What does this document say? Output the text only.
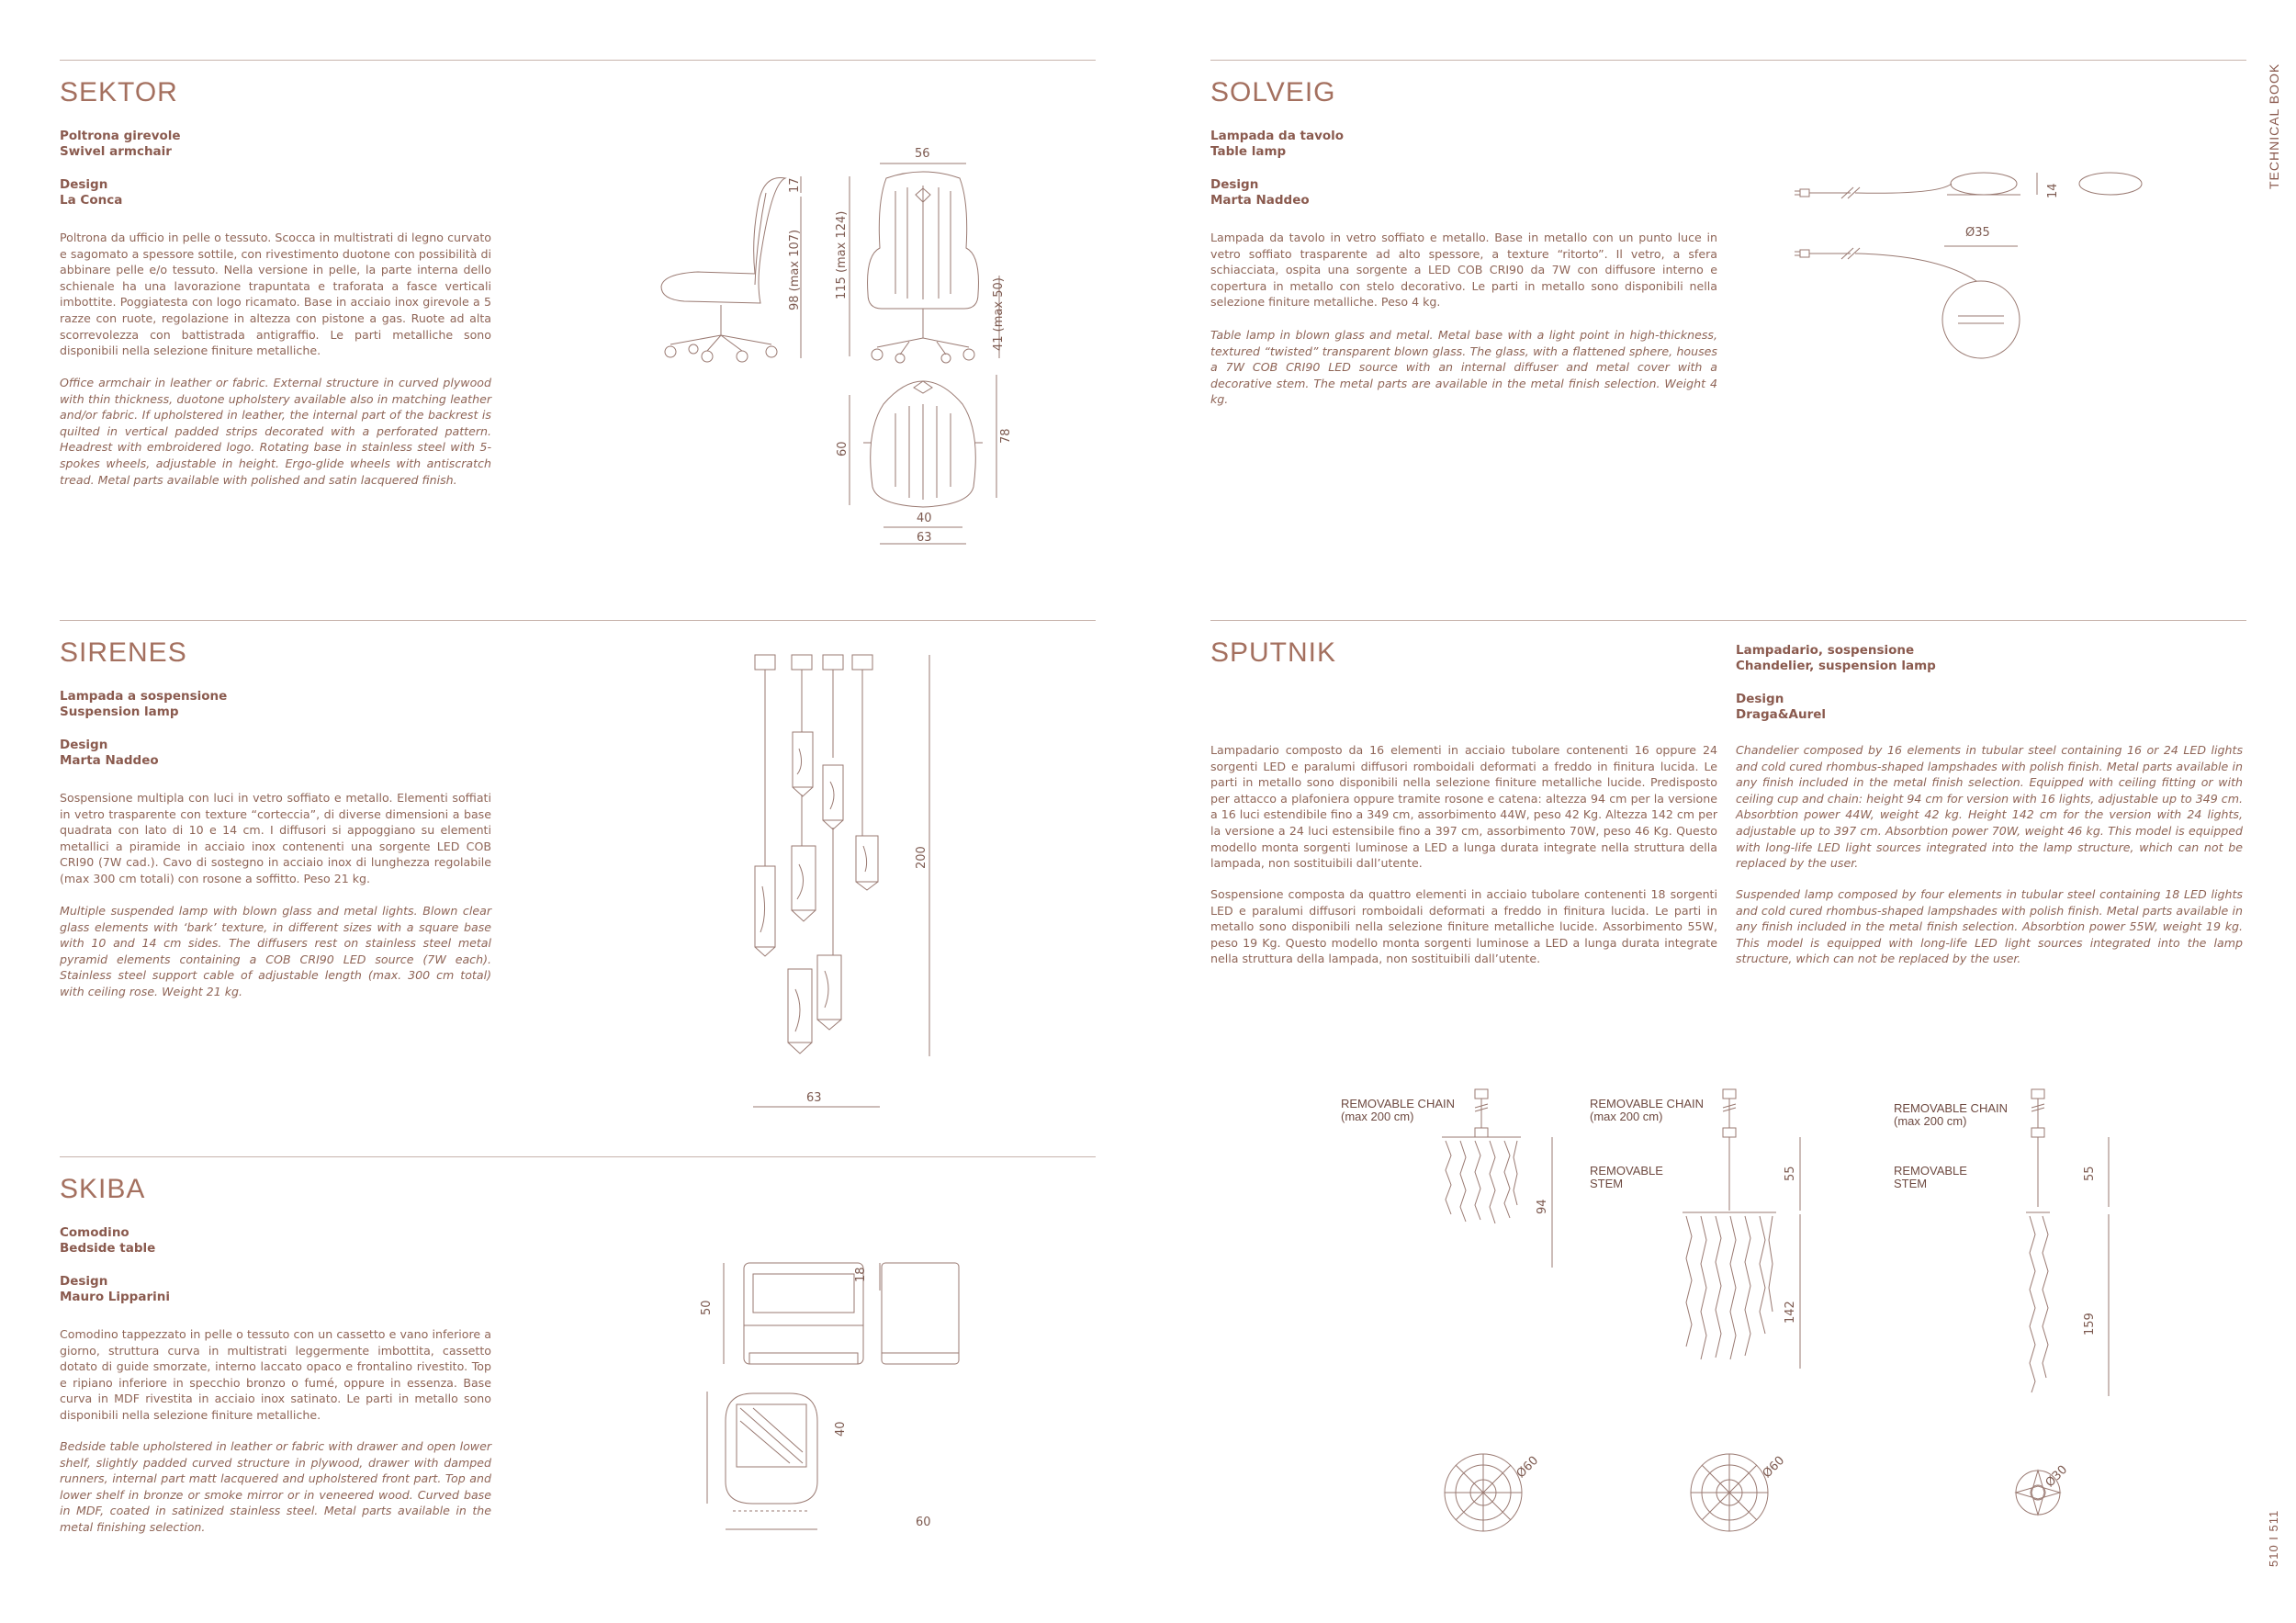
TECHNICAL BOOK
510 I 511
SEKTOR
Poltrona girevole
Swivel armchair
Design
La Conca
Poltrona da ufficio in pelle o tessuto. Scocca in multistrati di legno curvato e sagomato a spessore sottile, con rivestimento duotone con possibilità di abbinare pelle e/o tessuto. Nella versione in pelle, la parte interna dello schienale ha una lavorazione trapuntata e traforata a fasce verticali imbottite. Poggiatesta con logo ricamato. Base in acciaio inox girevole a 5 razze con ruote, regolazione in altezza con pistone a gas. Ruote ad alta scorrevolezza con battistrada antigraffio. Le parti metalliche sono disponibili nella selezione finiture metalliche.
Office armchair in leather or fabric. External structure in curved plywood with thin thickness, duotone upholstery available also in matching leather and/or fabric. If upholstered in leather, the internal part of the backrest is quilted in vertical padded strips decorated with a perforated pattern. Headrest with embroidered logo. Rotating base in stainless steel with 5-spokes wheels, adjustable in height. Ergo-glide wheels with antiscratch tread. Metal parts available with polished and satin lacquered finish.
56
17
98 (max 107)	115 (max 124)
41 (max 50)
60
78
40
63
SOLVEIG
Lampada da tavolo
Table lamp
Design
Marta Naddeo
Lampada da tavolo in vetro soffiato e metallo. Base in metallo con un punto luce in vetro soffiato trasparente ad alto spessore, a texture “ritorto”. Il vetro, a sfera schiacciata, ospita una sorgente a LED COB CRI90 da 7W con diffusore interno e copertura in metallo con stelo decorativo. Le parti in metallo sono disponibili nella selezione finiture metalliche. Peso 4 kg.
Table lamp in blown glass and metal. Metal base with a light point in high-thickness, textured “twisted” transparent blown glass. The glass, with a flattened sphere, houses a 7W COB CRI90 LED source with an internal diffuser and metal cover with a decorative stem. The metal parts are available in the metal finish selection. Weight 4 kg.
14
Ø35
SIRENES
Lampada a sospensione
Suspension lamp
Design
Marta Naddeo
Sospensione multipla con luci in vetro soffiato e metallo. Elementi soffiati in vetro trasparente con texture “corteccia”, di diverse dimensioni a base quadrata con lato di 10 e 14 cm. I diffusori si appoggiano su elementi metallici a piramide in acciaio inox contenenti una sorgente LED COB CRI90 (7W cad.). Cavo di sostegno in acciaio inox di lunghezza regolabile (max 300 cm totali) con rosone a soffitto. Peso 21 kg.
Multiple suspended lamp with blown glass and metal lights. Blown clear glass elements with ‘bark’ texture, in different sizes with a square base with 10 and 14 cm sides. The diffusers rest on stainless steel metal pyramid elements containing a COB CRI90 LED source (7W each). Stainless steel support cable of adjustable length (max. 300 cm total) with ceiling rose. Weight 21 kg.
200
63
SPUTNIK	Lampadario, sospensione
Chandelier, suspension lamp
Design
Draga&Aurel
Lampadario composto da 16 elementi in acciaio tubolare contenenti 16 oppure 24 sorgenti LED e paralumi diffusori romboidali deformati a freddo in finitura lucida. Le parti in metallo sono disponibili nella selezione finiture metalliche lucide. Predisposto per attacco a plafoniera oppure tramite rosone e catena: altezza 94 cm per la versione a 16 luci estendibile fino a 349 cm, assorbimento 44W, peso 42 Kg. Altezza 142 cm per la versione a 24 luci estensibile fino a 397 cm, assorbimento 70W, peso 46 Kg. Questo modello monta sorgenti luminose a LED a lunga durata integrate nella struttura della lampada, non sostituibili dall’utente.
Sospensione composta da quattro elementi in acciaio tubolare contenenti 18 sorgenti LED e paralumi diffusori romboidali deformati a freddo in finitura lucida. Le parti in metallo sono disponibili nella selezione finiture metalliche lucide. Assorbimento 55W, peso 19 Kg. Questo modello monta sorgenti luminose a LED a lunga durata integrate nella struttura della lampada, non sostituibili dall’utente.
Chandelier composed by 16 elements in tubular steel containing 16 or 24 LED lights and cold cured rhombus-shaped lampshades with polish finish. Metal parts available in any finish included in the metal finish selection. Equipped with ceiling fitting or with ceiling cup and chain: height 94 cm for version with 16 lights, adjustable up to 349 cm. Absorbtion power 44W, weight 42 kg. Height 142 cm for the version with 24 lights, adjustable up to 397 cm. Absorbtion power 70W, weight 46 kg. This model is equipped with long-life LED light sources integrated into the lamp structure, which can not be replaced by the user.
Suspended lamp composed by four elements in tubular steel containing 18 LED lights and cold cured rhombus-shaped lampshades with polish finish. Metal parts available in any finish included in the metal finish selection. Absorbtion power 55W, weight 19 kg. This model is equipped with long-life LED light sources integrated into the lamp structure, which can not be replaced by the user.
REMOVABLE CHAIN
(max 200 cm)
REMOVABLE CHAIN
(max 200 cm)
REMOVABLE CHAIN
(max 200 cm)
REMOVABLE
STEM
REMOVABLE
STEM
94
55
142
55
159
Ø60	Ø60	Ø30
SKIBA
Comodino
Bedside table
Design
Mauro Lipparini
Comodino tappezzato in pelle o tessuto con un cassetto e vano inferiore a giorno, struttura curva in multistrati leggermente imbottita, cassetto dotato di guide smorzate, interno laccato opaco e frontalino rivestito. Top e ripiano inferiore in specchio bronzo o fumé, oppure in essenza. Base curva in MDF rivestita in acciaio inox satinato. Le parti in metallo sono disponibili nella selezione finiture metalliche.
Bedside table upholstered in leather or fabric with drawer and open lower shelf, slightly padded curved structure in plywood, drawer with damped runners, internal part matt lacquered and upholstered front part. Top and lower shelf in bronze or smoke mirror or in veneered wood. Curved base in MDF, coated in satinized stainless steel. Metal parts available in the metal finishing selection.
50
18
40
60
